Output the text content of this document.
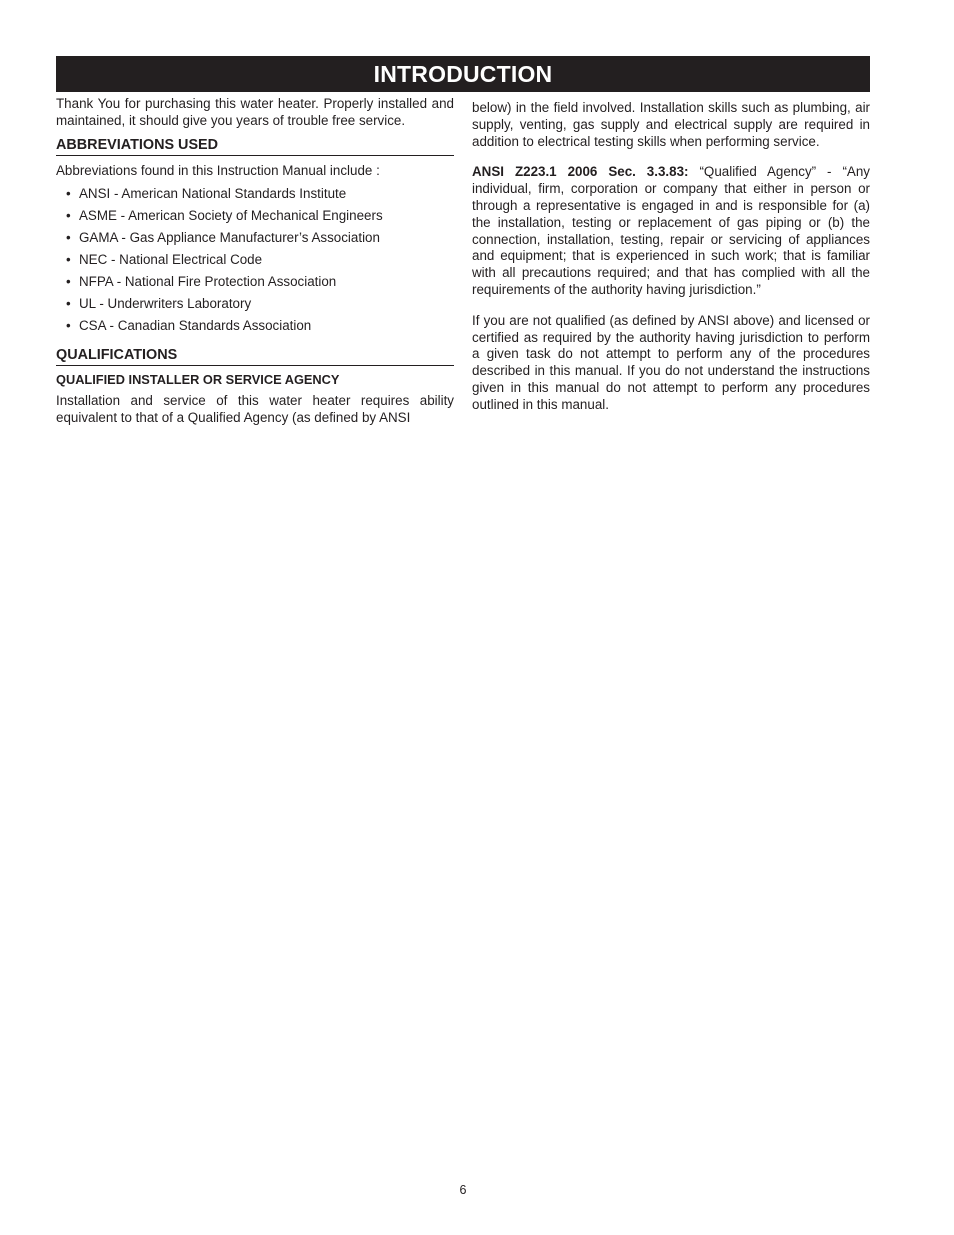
INTRODUCTION

Thank You for purchasing this water heater. Properly installed and maintained, it should give you years of trouble free service.

ABBREVIATIONS USED

Abbreviations found in this Instruction Manual include :

• ANSI - American National Standards Institute
• ASME - American Society of Mechanical Engineers
• GAMA - Gas Appliance Manufacturer’s Association
• NEC - National Electrical Code
• NFPA - National Fire Protection Association
• UL - Underwriters Laboratory
• CSA - Canadian Standards Association
QUALIFICATIONS
QUALIFIED INSTALLER OR SERVICE AGENCY

Installation and service of this water heater requires ability equivalent to that of a Qualified Agency (as defined by ANSI

below) in the field involved. Installation skills such as plumbing, air supply, venting, gas supply and electrical supply are required in addition to electrical testing skills when performing service.

ANSI Z223.1 2006 Sec. 3.3.83: “Qualified Agency” - “Any individual, firm, corporation or company that either in person or through a representative is engaged in and is responsible for (a) the installation, testing or replacement of gas piping or (b) the connection, installation, testing, repair or servicing of appliances and equipment; that is experienced in such work; that is familiar with all precautions required; and that has complied with all the requirements of the authority having jurisdiction.”

If you are not qualified (as defined by ANSI above) and licensed or certified as required by the authority having jurisdiction to perform a given task do not attempt to perform any of the procedures described in this manual. If you do not understand the instructions given in this manual do not attempt to perform any procedures outlined in this manual.

6
